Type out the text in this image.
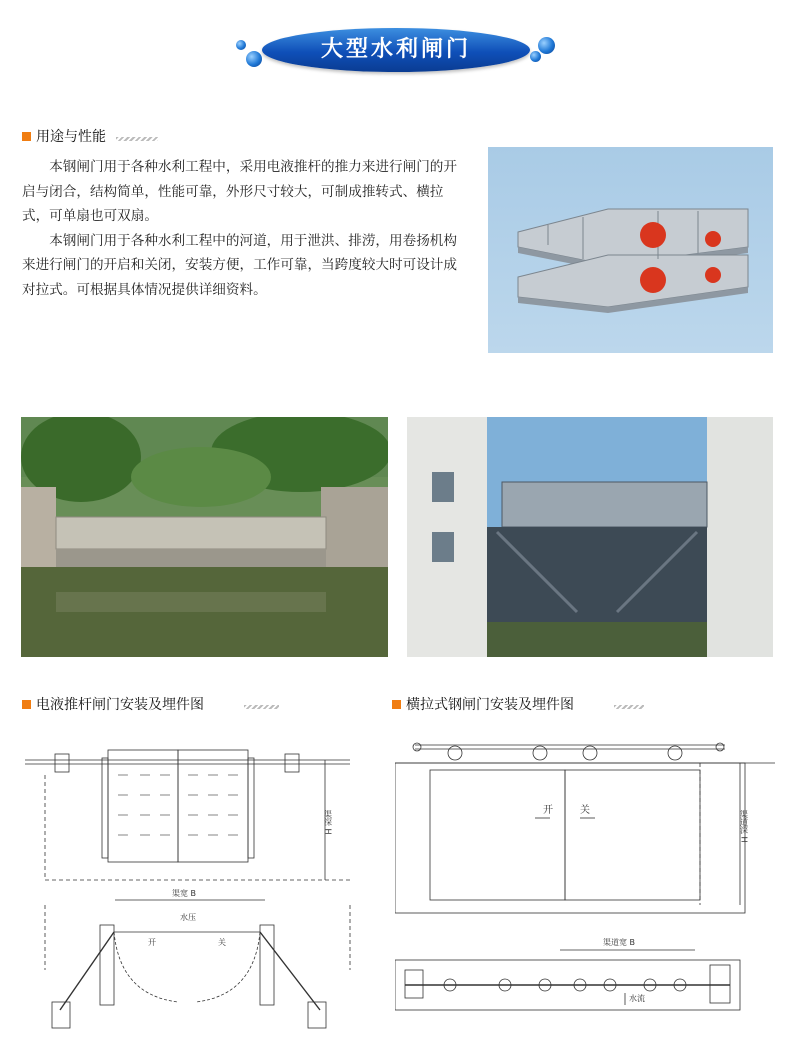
大型水利闸门
用途与性能

本钢闸门用于各种水利工程中，采用电液推杆的推力来进行闸门的开启与闭合，结构简单，性能可靠，外形尺寸较大，可制成推转式、横拉式，可单扇也可双扇。

本钢闸门用于各种水利工程中的河道，用于泄洪、排涝，用卷扬机构来进行闸门的开启和关闭，安装方便，工作可靠，当跨度较大时可设计成对拉式。可根据具体情况提供详细资料。

电液推杆闸门安装及埋件图	横拉式钢闸门安装及埋件图
渠宽 B
渠深 H
水压
开	关
开	关	渠道深 H
渠道宽 B
水流
